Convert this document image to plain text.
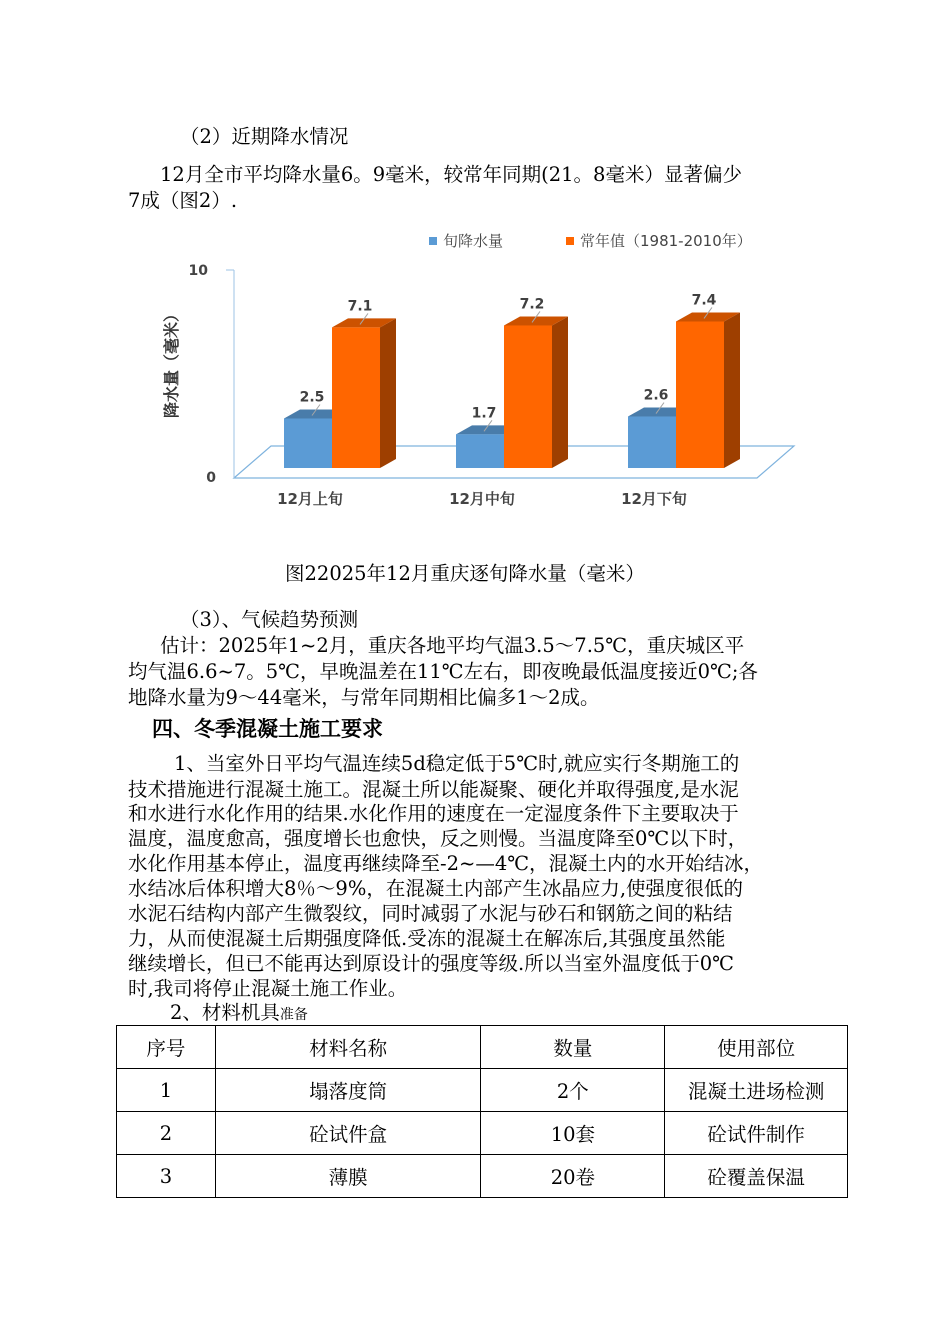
（2）近期降水情况
12月全市平均降水量6。9毫米，较常年同期(21。8毫米）显著偏少
7成（图2）.
旬降水量	常年值（1981-2010年）
10
0
降水量（毫米）	2.5
7.1
1.7
7.2
2.6
7.4
12月上旬	12月中旬	12月下旬
图22025年12月重庆逐旬降水量（毫米）
（3）、气候趋势预测
估计：2025年1~2月，重庆各地平均气温3.5～7.5℃，重庆城区平
均气温6.6~7。5℃，早晚温差在11℃左右，即夜晚最低温度接近0℃;各
地降水量为9～44毫米，与常年同期相比偏多1～2成。
四、冬季混凝土施工要求
1、当室外日平均气温连续5d稳定低于5℃时,就应实行冬期施工的
技术措施进行混凝土施工。混凝土所以能凝聚、硬化并取得强度,是水泥
和水进行水化作用的结果.水化作用的速度在一定湿度条件下主要取决于
温度，温度愈高，强度增长也愈快，反之则慢。当温度降至0℃以下时，
水化作用基本停止，温度再继续降至-2~—4℃，混凝土内的水开始结冰，
水结冰后体积增大8％～9%，在混凝土内部产生冰晶应力,使强度很低的
水泥石结构内部产生微裂纹，同时减弱了水泥与砂石和钢筋之间的粘结
力，从而使混凝土后期强度降低.受冻的混凝土在解冻后,其强度虽然能
继续增长，但已不能再达到原设计的强度等级.所以当室外温度低于0℃
时,我司将停止混凝土施工作业。
2、材料机具准备
序号	材料名称	数量	使用部位
1	塌落度筒	2个	混凝土进场检测
2	砼试件盒	10套	砼试件制作
3	薄膜	20卷	砼覆盖保温
